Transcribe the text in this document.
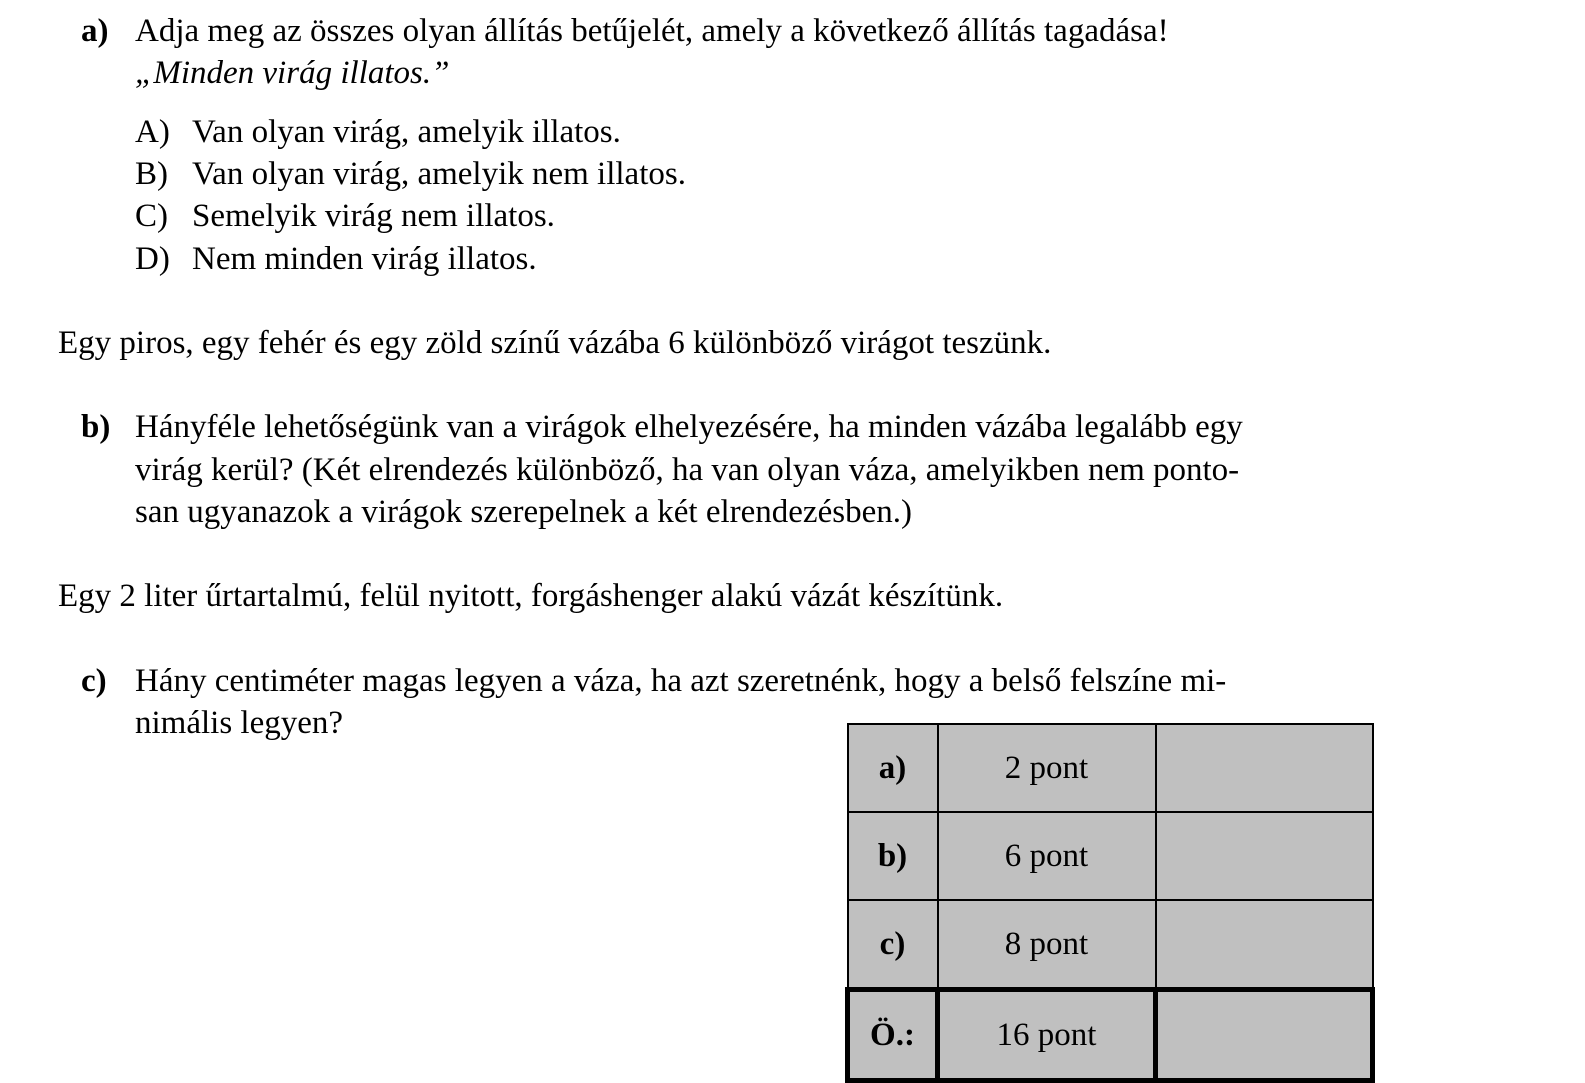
a) Adja meg az összes olyan állítás betűjelét, amely a következő állítás tagadása!
„Minden virág illatos.”
A) Van olyan virág, amelyik illatos.
B) Van olyan virág, amelyik nem illatos.
C) Semelyik virág nem illatos.
D) Nem minden virág illatos.
Egy piros, egy fehér és egy zöld színű vázába 6 különböző virágot teszünk.
b) Hányféle lehetőségünk van a virágok elhelyezésére, ha minden vázába legalább egy
virág kerül? (Két elrendezés különböző, ha van olyan váza, amelyikben nem ponto-
san ugyanazok a virágok szerepelnek a két elrendezésben.)
Egy 2 liter űrtartalmú, felül nyitott, forgáshenger alakú vázát készítünk.
c) Hány centiméter magas legyen a váza, ha azt szeretnénk, hogy a belső felszíne mi-
nimális legyen?
a)	2 pont	
b)	6 pont	
c)	8 pont	
Ö.:	16 pont	
